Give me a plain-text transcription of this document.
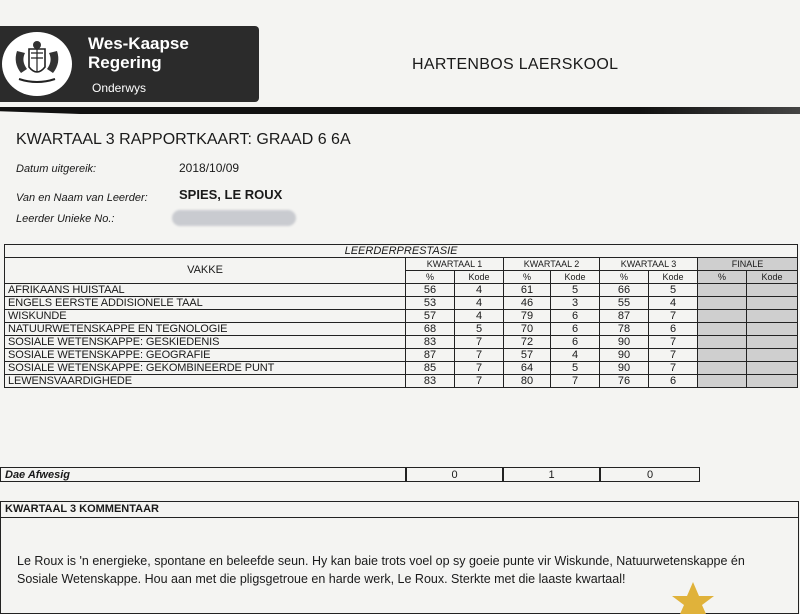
Wes-Kaapse
Regering
Onderwys
HARTENBOS LAERSKOOL
KWARTAAL 3 RAPPORTKAART: GRAAD 6 6A
Datum uitgereik:	2018/10/09
Van en Naam van Leerder: SPIES, LE ROUX
Leerder Unieke No.:
LEERDERPRESTASIE								
VAKKE	KWARTAAL 1		KWARTAAL 2		KWARTAAL 3		FINALE	
	%	Kode	%	Kode	%	Kode	%	Kode
AFRIKAANS HUISTAAL	56	4	61	5	66	5		
ENGELS EERSTE ADDISIONELE TAAL	53	4	46	3	55	4		
WISKUNDE	57	4	79	6	87	7		
NATUURWETENSKAPPE EN TEGNOLOGIE	68	5	70	6	78	6		
SOSIALE WETENSKAPPE: GESKIEDENIS	83	7	72	6	90	7		
SOSIALE WETENSKAPPE: GEOGRAFIE	87	7	57	4	90	7		
SOSIALE WETENSKAPPE: GEKOMBINEERDE PUNT	85	7	64	5	90	7		
LEWENSVAARDIGHEDE	83	7	80	7	76	6		
Dae Afwesig	0	1	0
KWARTAAL 3 KOMMENTAAR
Le Roux is 'n energieke, spontane en beleefde seun. Hy kan baie trots voel op sy goeie punte vir Wiskunde, Natuurwetenskappe én Sosiale Wetenskappe. Hou aan met die pligsgetroue en harde werk, Le Roux. Sterkte met die laaste kwartaal!
